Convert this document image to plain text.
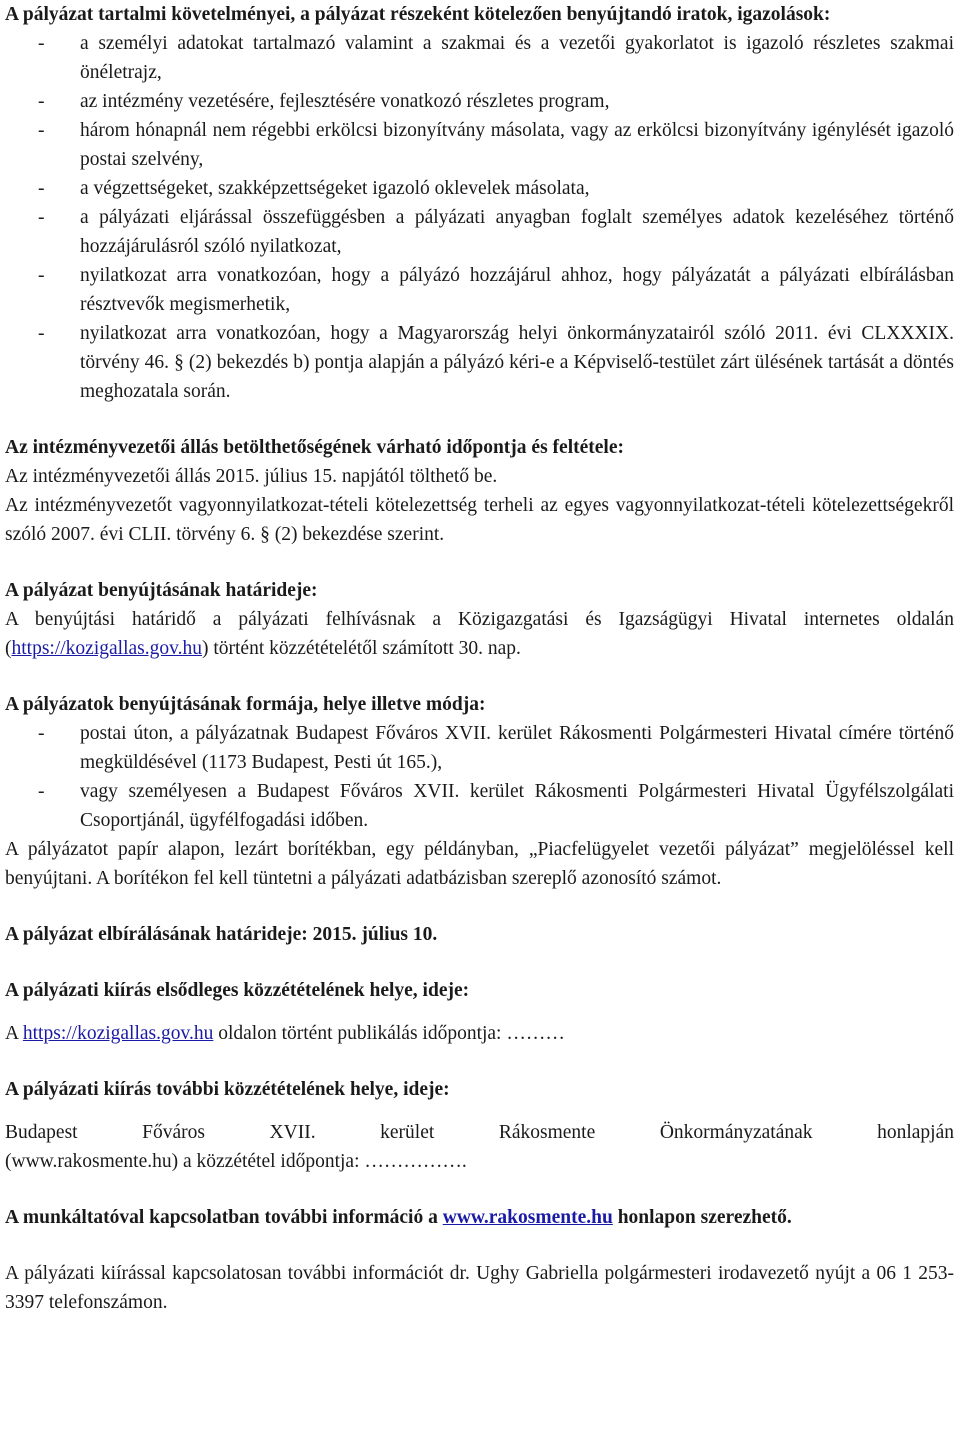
A pályázat tartalmi követelményei, a pályázat részeként kötelezően benyújtandó iratok, igazolások:
- a személyi adatokat tartalmazó valamint a szakmai és a vezetői gyakorlatot is igazoló részletes szakmai önéletrajz,
- az intézmény vezetésére, fejlesztésére vonatkozó részletes program,
- három hónapnál nem régebbi erkölcsi bizonyítvány másolata, vagy az erkölcsi bizonyítvány igénylését igazoló postai szelvény,
- a végzettségeket, szakképzettségeket igazoló oklevelek másolata,
- a pályázati eljárással összefüggésben a pályázati anyagban foglalt személyes adatok kezeléséhez történő hozzájárulásról szóló nyilatkozat,
- nyilatkozat arra vonatkozóan, hogy a pályázó hozzájárul ahhoz, hogy pályázatát a pályázati elbírálásban résztvevők megismerhetik,
- nyilatkozat arra vonatkozóan, hogy a Magyarország helyi önkormányzatairól szóló 2011. évi CLXXXIX. törvény 46. § (2) bekezdés b) pontja alapján a pályázó kéri-e a Képviselő-testület zárt ülésének tartását a döntés meghozatala során.
Az intézményvezetői állás betölthetőségének várható időpontja és feltétele:
Az intézményvezetői állás 2015. július 15. napjától tölthető be.
Az intézményvezetőt vagyonnyilatkozat-tételi kötelezettség terheli az egyes vagyonnyilatkozat-tételi kötelezettségekről szóló 2007. évi CLII. törvény 6. § (2) bekezdése szerint.
A pályázat benyújtásának határideje:
A benyújtási határidő a pályázati felhívásnak a Közigazgatási és Igazságügyi Hivatal internetes oldalán (https://kozigallas.gov.hu) történt közzétételétől számított 30. nap.
A pályázatok benyújtásának formája, helye illetve módja:
- postai úton, a pályázatnak Budapest Főváros XVII. kerület Rákosmenti Polgármesteri Hivatal címére történő megküldésével (1173 Budapest, Pesti út 165.),
- vagy személyesen a Budapest Főváros XVII. kerület Rákosmenti Polgármesteri Hivatal Ügyfélszolgálati Csoportjánál, ügyfélfogadási időben.
A pályázatot papír alapon, lezárt borítékban, egy példányban, „Piacfelügyelet vezetői pályázat” megjelöléssel kell benyújtani. A borítékon fel kell tüntetni a pályázati adatbázisban szereplő azonosító számot.
A pályázat elbírálásának határideje: 2015. július 10.
A pályázati kiírás elsődleges közzétételének helye, ideje:
A https://kozigallas.gov.hu oldalon történt publikálás időpontja: ………
A pályázati kiírás további közzétételének helye, ideje:
Budapest Főváros XVII. kerület Rákosmente Önkormányzatának honlapján
(www.rakosmente.hu) a közzététel időpontja: …………….
A munkáltatóval kapcsolatban további információ a www.rakosmente.hu honlapon szerezhető.
A pályázati kiírással kapcsolatosan további információt dr. Ughy Gabriella polgármesteri irodavezető nyújt a 06 1 253-3397 telefonszámon.
